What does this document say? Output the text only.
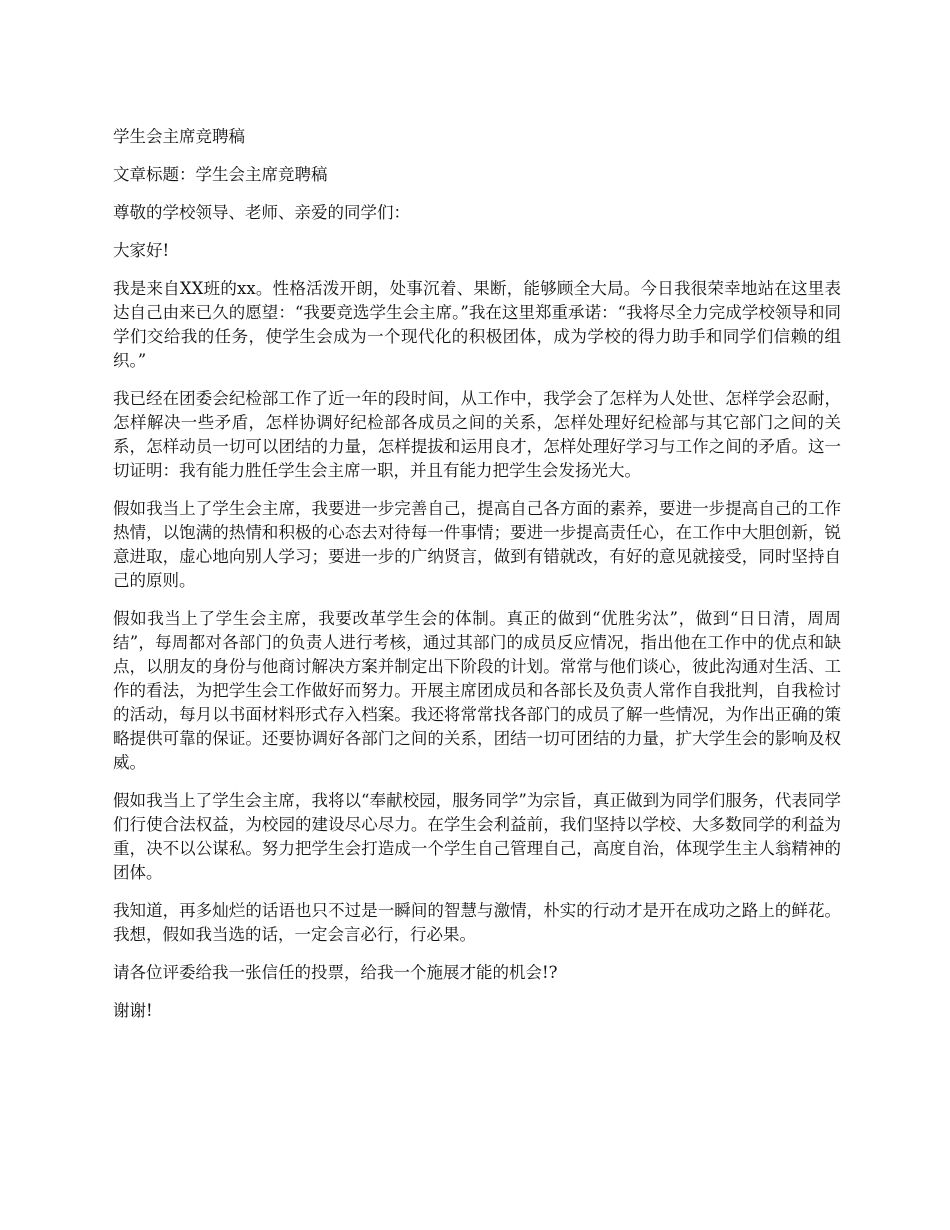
学生会主席竞聘稿

文章标题：学生会主席竞聘稿

尊敬的学校领导、老师、亲爱的同学们：

大家好!

我是来自XX班的xx。性格活泼开朗，处事沉着、果断，能够顾全大局。今日我很荣幸地站在这里表达自己由来已久的愿望：“我要竞选学生会主席。”我在这里郑重承诺：“我将尽全力完成学校领导和同学们交给我的任务，使学生会成为一个现代化的积极团体，成为学校的得力助手和同学们信赖的组织。”

我已经在团委会纪检部工作了近一年的段时间，从工作中，我学会了怎样为人处世、怎样学会忍耐，怎样解决一些矛盾，怎样协调好纪检部各成员之间的关系，怎样处理好纪检部与其它部门之间的关系，怎样动员一切可以团结的力量，怎样提拔和运用良才，怎样处理好学习与工作之间的矛盾。这一切证明：我有能力胜任学生会主席一职，并且有能力把学生会发扬光大。

假如我当上了学生会主席，我要进一步完善自己，提高自己各方面的素养，要进一步提高自己的工作热情，以饱满的热情和积极的心态去对待每一件事情；要进一步提高责任心，在工作中大胆创新，锐意进取，虚心地向别人学习；要进一步的广纳贤言，做到有错就改，有好的意见就接受，同时坚持自己的原则。

假如我当上了学生会主席，我要改革学生会的体制。真正的做到“优胜劣汰”，做到“日日清，周周结”，每周都对各部门的负责人进行考核，通过其部门的成员反应情况，指出他在工作中的优点和缺点，以朋友的身份与他商讨解决方案并制定出下阶段的计划。常常与他们谈心，彼此沟通对生活、工作的看法，为把学生会工作做好而努力。开展主席团成员和各部长及负责人常作自我批判，自我检讨的活动，每月以书面材料形式存入档案。我还将常常找各部门的成员了解一些情况，为作出正确的策略提供可靠的保证。还要协调好各部门之间的关系，团结一切可团结的力量，扩大学生会的影响及权威。

假如我当上了学生会主席，我将以“奉献校园，服务同学”为宗旨，真正做到为同学们服务，代表同学们行使合法权益，为校园的建设尽心尽力。在学生会利益前，我们坚持以学校、大多数同学的利益为重，决不以公谋私。努力把学生会打造成一个学生自己管理自己，高度自治，体现学生主人翁精神的团体。

我知道，再多灿烂的话语也只不过是一瞬间的智慧与激情，朴实的行动才是开在成功之路上的鲜花。我想，假如我当选的话，一定会言必行，行必果。

请各位评委给我一张信任的投票，给我一个施展才能的机会!?

谢谢!
